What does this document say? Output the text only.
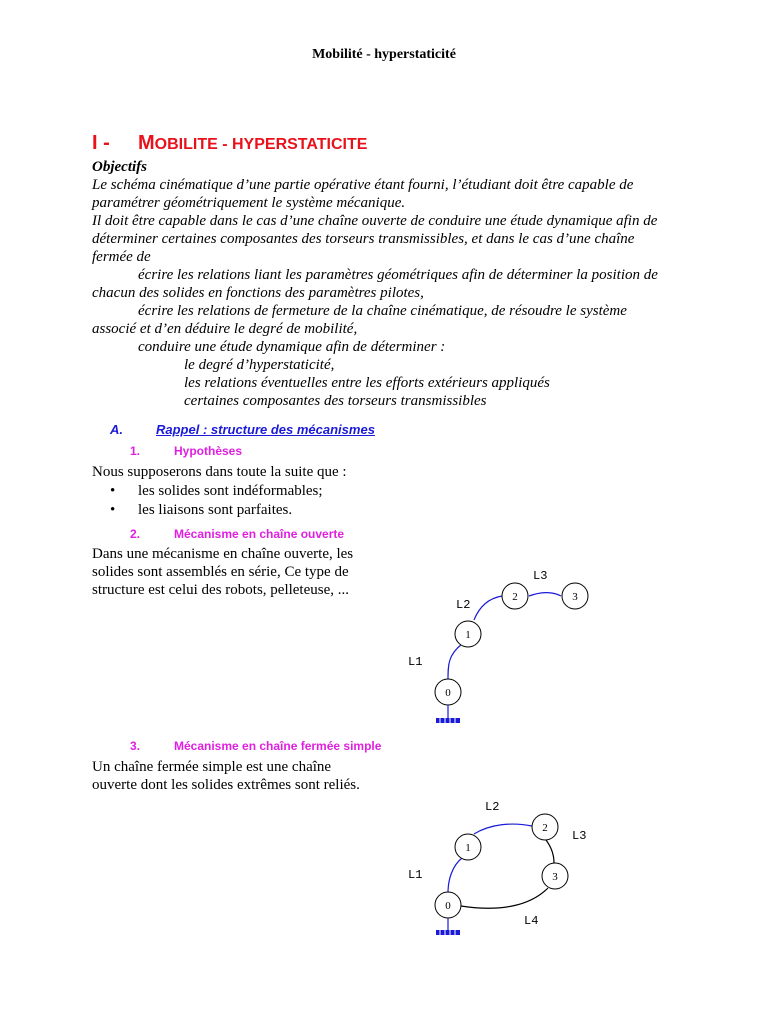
Mobilité - hyperstaticité
I - MOBILITE - HYPERSTATICITE
Objectifs
Le schéma cinématique d’une partie opérative étant fourni, l’étudiant doit être capable de
paramétrer géométriquement le système mécanique.
Il doit être capable dans le cas d’une chaîne ouverte de conduire une étude dynamique afin de
déterminer certaines composantes des torseurs transmissibles, et dans le cas d’une chaîne
fermée de
écrire les relations liant les paramètres géométriques afin de déterminer la position de
chacun des solides en fonctions des paramètres pilotes,
écrire les relations de fermeture de la chaîne cinématique, de résoudre le système
associé et d’en déduire le degré de mobilité,
conduire une étude dynamique afin de déterminer :
le degré d’hyperstaticité,
les relations éventuelles entre les efforts extérieurs appliqués
certaines composantes des torseurs transmissibles
A.	Rappel : structure des mécanismes
1.	Hypothèses
Nous supposerons dans toute la suite que :
• les solides sont indéformables;
• les liaisons sont parfaites.
2.	Mécanisme en chaîne ouverte
Dans une mécanisme en chaîne ouverte, les
solides sont assemblés en série, Ce type de
structure est celui des robots, pelleteuse, ...
3.	Mécanisme en chaîne fermée simple
Un chaîne fermée simple est une chaîne
ouverte dont les solides extrêmes sont reliés.
0
1
2	3
L1
L2
L3
0
1
2
3
L1
L2
L3
L4
